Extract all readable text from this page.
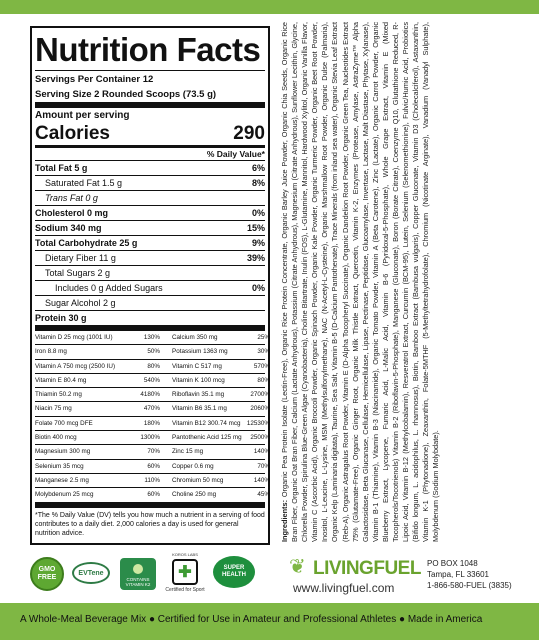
Nutrition Facts
Servings Per Container 12
Serving Size 2 Rounded Scoops (73.5 g)
Amount per serving
Calories	290
% Daily Value*
Total Fat 5 g	6%
Saturated Fat 1.5 g	8%
Trans Fat 0 g
Cholesterol 0 mg	0%
Sodium 340 mg	15%
Total Carbohydrate 25 g	9%
Dietary Fiber 11 g	39%
Total Sugars 2 g
Includes 0 g Added Sugars	0%
Sugar Alcohol 2 g
Protein 30 g
Vitamin D 25 mcg (1001 IU)	130%	Calcium 350 mg	25%
Iron 8.8 mg	50%	Potassium 1363 mg	30%
Vitamin A 750 mcg (2500 IU)	80%	Vitamin C 517 mg	570%
Vitamin E 80.4 mg	540%	Vitamin K 100 mcg	80%
Thiamin 50.2 mg	4180%	Riboflavin 35.1 mg	2700%
Niacin 75 mg	470%	Vitamin B6 35.1 mg	2060%
Folate 700 mcg DFE	180%	Vitamin B12 300.74 mcg	12530%
Biotin 400 mcg	1300%	Pantothenic Acid 125 mg	2500%
Magnesium 300 mg	70%	Zinc 15 mg	140%
Selenium 35 mcg	60%	Copper 0.6 mg	70%
Manganese 2.5 mg	110%	Chromium 50 mcg	140%
Molybdenum 25 mcg	60%	Choline 250 mg	45%
*The % Daily Value (DV) tells you how much a nutrient in a serving of food contributes to a daily diet. 2,000 calories a day is used for general nutrition advice.	Ingredients: Organic Pea Protein Isolate (Lectin-Free), Organic Rice Protein Concentrate, Organic Barley Juice Powder, Organic Chia Seeds, Organic Rice Bran Fiber, Organic Oat Bran Fiber, Calcium (Lactate Anhydrous), Potassium (Citrate Anhydrous), Magnesium (Citrate Anhydrous), Sunflower Lecithin, Glycine, Chlorella Powder, Spirulina Blue-Green Algae (Cyanobacteria), Choline Bitartrate, Inulin (FOS), L-Glutamine, Mannitol, Hardwood Xylitol, Organic Vanilla Flavor, Vitamin C (Ascorbic Acid), Organic Broccoli Powder, Organic Spinach Powder, Organic Kale Powder, Organic Turmeric Powder, Organic Beet Root Powder, Inositol, L-Leucine, L-Lysine, MSM (Methylsulfonylmethane), NAC (N-Acetyl-L-Cysteine), Organic Marshmallow Root Powder, Organic Dulse (Palmaria), Organic Kelp (Laminaria digitata), Taurine, Sea Salt, Vitamin B-5 (D-Calcium Pantothenate), Trace Minerals (from inland sea water), Organic Stevia Leaf Extract (Reb-A), Organic Astragalus Root Powder, Vitamin E (D-Alpha Tocopheryl Succinate), Organic Dandelion Root Powder, Organic Green Tea, Nucleotides Extract 75% (Glutamate-Free), Organic Ginger Root, Organic Milk Thistle Extract, Quercetin, Vitamin K-2, Enzymes (Protease, Amylase, AstraZyme™ Alpha Galactosidase, Beta Glucanase, Cellulase, Hemicellulase, Lipase, Pectinase, Peptidase, Glucoamylase, Invertase, Lactase, Malt Diastase, Phytase, Xylanase), Vitamin B-1 (Thiamine), Vitamin B-3 (Niacinamide), Organic Tomato Powder, Vitamin A (Beta Carotene), Zinc (Lactate), Organic Carrot Powder, Organic Blueberry Extract, Lycopene, Fumaric Acid, L-Malic Acid, Vitamin B-6 (Pyridoxal-5-Phosphate), Whole Grape Extract, Vitamin E (Mixed Tocopherols/Tocotrienols) Vitamin B-2 (Riboflavin-5-Phosphate), Manganese (Gluconate), Boron (Borate Citrate), Coenzyme Q10, Glutathione Reduced, R-Lipoic Acid, Vitamin B-12 (Methylcobalamin), Resveratrol Extract, Curcumin (BCM-95), Lutein, Selenium (Selenomethionine), Fulvic/Humic Acid, Probiotics (Bifido longum, L. acidophilus, L. rhamnosus), Biotin, Bamboo Extract (Bambusa vulgaris), Copper Gluconate, Vitamin D3 (Cholecalciferol), Astaxanthin, Vitamin K-1 (Phytonadione), Zeaxanthin, Folate-5MTHF (5-Methyltetrahydrofolate), Chromium (Nicotinate Arginate), Vanadium (Vanadyl Sulphate), Molybdenum (Sodium Molybdate).
GMO FREE
EVTene
CONTAINS VITAMIN K2
KOROS LABS
✚
Certified for Sport
SUPER HEALTH	❦ LIVINGFUEL
www.livingfuel.com
PO BOX 1048
Tampa, FL 33601
1-866-580-FUEL (3835)
A Whole-Meal Beverage Mix ● Certified for Use in Amateur and Professional Athletes ● Made in America
